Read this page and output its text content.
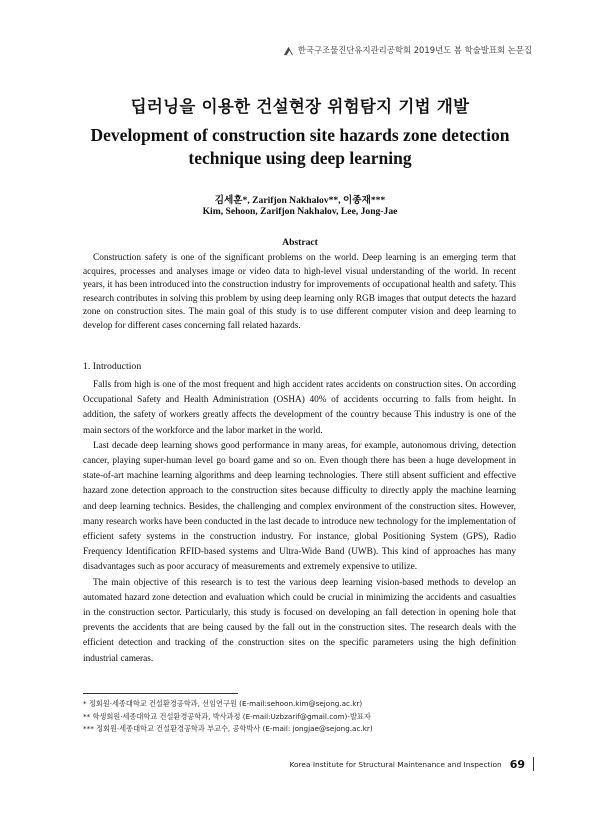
한국구조물진단유지관리공학회 2019년도 봄 학술발표회 논문집
딥러닝을 이용한 건설현장 위험탐지 기법 개발
Development of construction site hazards zone detection technique using deep learning
김세훈*, Zarifjon Nakhalov**, 이종재***
Kim, Sehoon, Zarifjon Nakhalov, Lee, Jong-Jae
Abstract

Construction safety is one of the significant problems on the world. Deep learning is an emerging term that acquires, processes and analyses image or video data to high-level visual understanding of the world. In recent years, it has been introduced into the construction industry for improvements of occupational health and safety. This research contributes in solving this problem by using deep learning only RGB images that output detects the hazard zone on construction sites. The main goal of this study is to use different computer vision and deep learning to develop for different cases concerning fall related hazards.

1. Introduction

Falls from high is one of the most frequent and high accident rates accidents on construction sites. On according Occupational Safety and Health Administration (OSHA) 40% of accidents occurring to falls from height. In addition, the safety of workers greatly affects the development of the country because This industry is one of the main sectors of the workforce and the labor market in the world.

Last decade deep learning shows good performance in many areas, for example, autonomous driving, detection cancer, playing super-human level go board game and so on. Even though there has been a huge development in state-of-art machine learning algorithms and deep learning technologies. There still absent sufficient and effective hazard zone detection approach to the construction sites because difficulty to directly apply the machine learning and deep learning technics. Besides, the challenging and complex environment of the construction sites. However, many research works have been conducted in the last decade to introduce new technology for the implementation of efficient safety systems in the construction industry. For instance, global Positioning System (GPS), Radio Frequency Identification RFID-based systems and Ultra-Wide Band (UWB). This kind of approaches has many disadvantages such as poor accuracy of measurements and extremely expensive to utilize.

The main objective of this research is to test the various deep learning vision-based methods to develop an automated hazard zone detection and evaluation which could be crucial in minimizing the accidents and casualties in the construction sector. Particularly, this study is focused on developing an fall detection in opening hole that prevents the accidents that are being caused by the fall out in the construction sites. The research deals with the efficient detection and tracking of the construction sites on the specific parameters using the high definition industrial cameras.

* 정회원·세종대학교 건설환경공학과, 선임연구원 (E-mail:sehoon.kim@sejong.ac.kr)
** 학생회원·세종대학교 건설환경공학과, 박사과정 (E-mail:Uzbzarif@gmail.com)-발표자
*** 정회원·세종대학교 건설환경공학과 부교수, 공학박사 (E-mail: jongjae@sejong.ac.kr)
Korea Institute for Structural Maintenance and Inspection 69
